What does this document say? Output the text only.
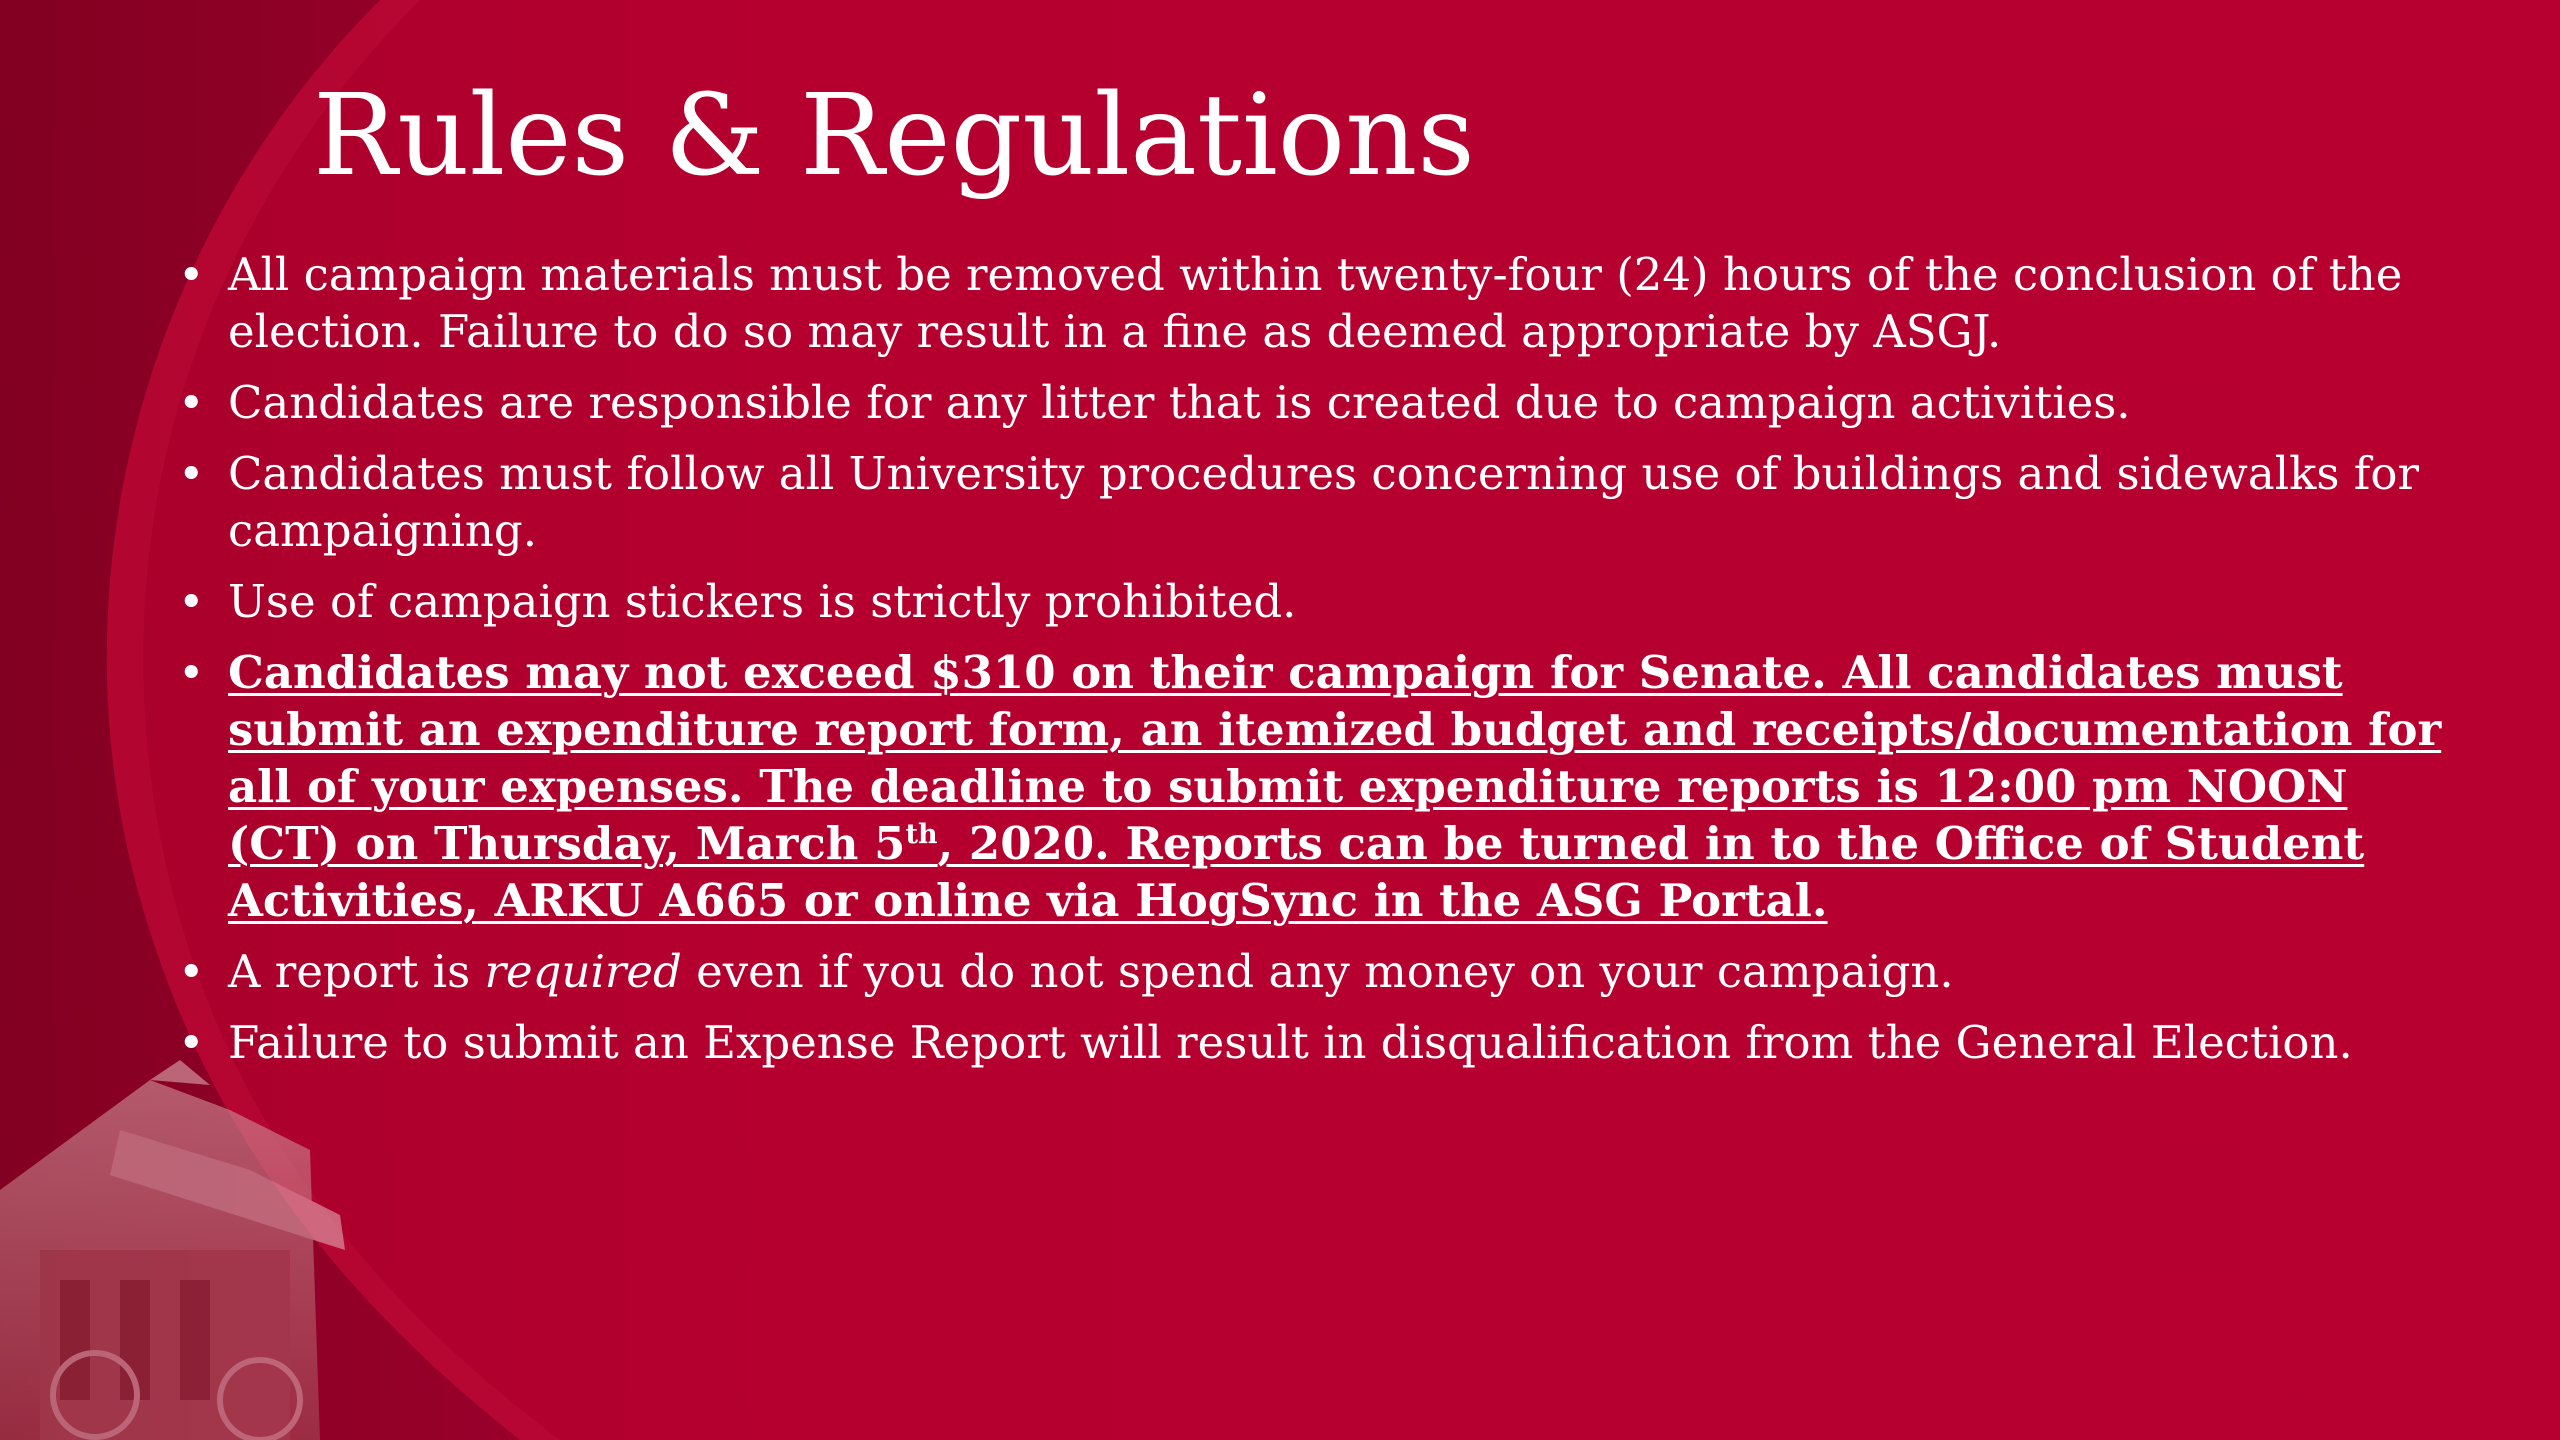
Rules & Regulations
• All campaign materials must be removed within twenty-four (24) hours of the conclusion of the election. Failure to do so may result in a fine as deemed appropriate by ASGJ.
• Candidates are responsible for any litter that is created due to campaign activities.
• Candidates must follow all University procedures concerning use of buildings and sidewalks for campaigning.
• Use of campaign stickers is strictly prohibited.
• Candidates may not exceed $310 on their campaign for Senate. All candidates must submit an expenditure report form, an itemized budget and receipts/documentation for all of your expenses. The deadline to submit expenditure reports is 12:00 pm NOON (CT) on Thursday, March 5th, 2020. Reports can be turned in to the Office of Student Activities, ARKU A665 or online via HogSync in the ASG Portal.
• A report is required even if you do not spend any money on your campaign.
• Failure to submit an Expense Report will result in disqualification from the General Election.
